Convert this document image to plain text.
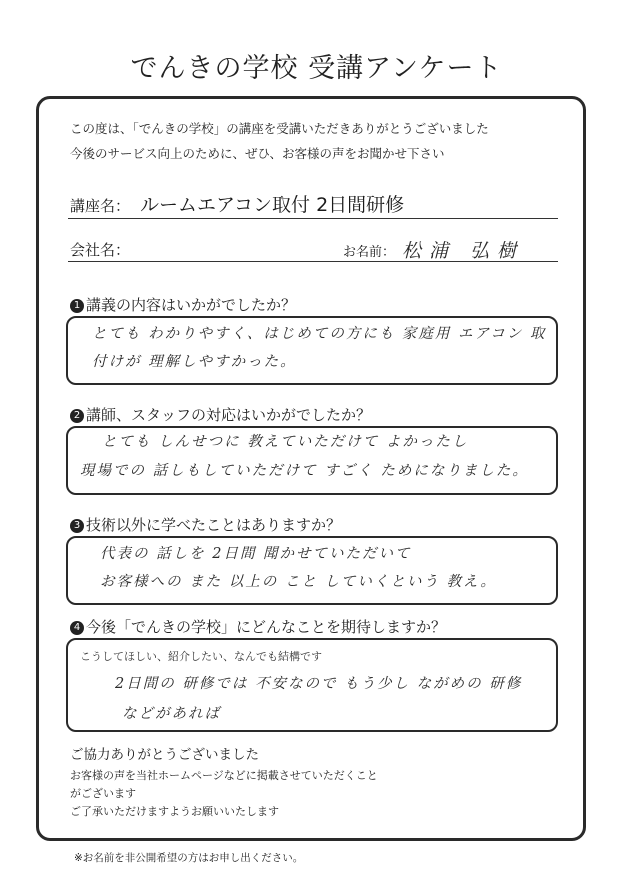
でんきの学校 受講アンケート
この度は、「でんきの学校」の講座を受講いただきありがとうございました
今後のサービス向上のために、ぜひ、お客様の声をお聞かせ下さい
講座名： ルームエアコン取付 2日間研修
会社名：	お名前： 松浦 弘樹
1 講義の内容はいかがでしたか？
とても わかりやすく、はじめての方にも 家庭用 エアコン 取
付けが 理解しやすかった。
2 講師、スタッフの対応はいかがでしたか？
とても しんせつに 教えていただけて よかったし
現場での 話しもしていただけて すごく ためになりました。
3 技術以外に学べたことはありますか？
代表の 話しを 2日間 聞かせていただいて
お客様への また 以上の こと していくという 教え。
4 今後「でんきの学校」にどんなことを期待しますか？
こうしてほしい、紹介したい、なんでも結構です
2日間の 研修では 不安なので もう少し ながめの 研修
などがあれば
ご協力ありがとうございました
お客様の声を当社ホームページなどに掲載させていただくこと
がございます
ご了承いただけますようお願いいたします
※お名前を非公開希望の方はお申し出ください。
